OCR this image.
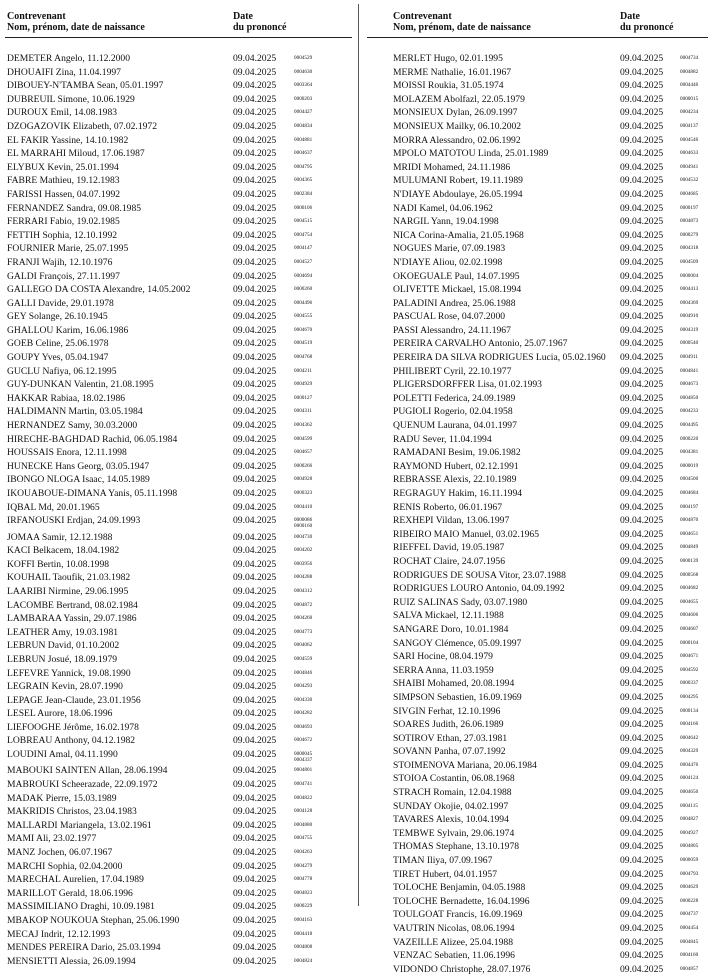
Contrevenant
Nom, prénom, date de naissance
Date
du prononcé
DEMETER Angelo, 11.12.2000	09.04.2025	0004529
DHOUAIFI Zina, 11.04.1997	09.04.2025	0004630
DIBOUEY-N'TAMBA Sean, 05.01.1997	09.04.2025	0003364
DUBREUIL Simone, 10.06.1929	09.04.2025	0000203
DUROUX Emil, 14.08.1983	09.04.2025	0004427
DZOGAZOVIK Elizabeth, 07.02.1972	09.04.2025	0004834
EL FAKIR Yassine, 14.10.1982	09.04.2025	0004881
EL MARRAHI Miloud, 17.06.1987	09.04.2025	0004637
ELYBUX Kevin, 25.01.1994	09.04.2025	0004795
FABRE Mathieu, 19.12.1983	09.04.2025	0004365
FARISSI Hassen, 04.07.1992	09.04.2025	0002384
FERNANDEZ Sandra, 09.08.1985	09.04.2025	0000106
FERRARI Fabio, 19.02.1985	09.04.2025	0004515
FETTIH Sophia, 12.10.1992	09.04.2025	0004754
FOURNIER Marie, 25.07.1995	09.04.2025	0004147
FRANJI Wajih, 12.10.1976	09.04.2025	0004527
GALDI François, 27.11.1997	09.04.2025	0004694
GALLEGO DA COSTA Alexandre, 14.05.2002	09.04.2025	0000260
GALLI Davide, 29.01.1978	09.04.2025	0004496
GEY Solange, 26.10.1945	09.04.2025	0004555
GHALLOU Karim, 16.06.1986	09.04.2025	0004670
GOEB Celine, 25.06.1978	09.04.2025	0004519
GOUPY Yves, 05.04.1947	09.04.2025	0004768
GUCLU Nafiya, 06.12.1995	09.04.2025	0004211
GUY-DUNKAN Valentin, 21.08.1995	09.04.2025	0004929
HAKKAR Rabiaa, 18.02.1986	09.04.2025	0000127
HALDIMANN Martin, 03.05.1984	09.04.2025	0004311
HERNANDEZ Samy, 30.03.2000	09.04.2025	0004362
HIRECHE-BAGHDAD Rachid, 06.05.1984	09.04.2025	0004599
HOUSSAIS Enora, 12.11.1998	09.04.2025	0004657
HUNECKE Hans Georg, 03.05.1947	09.04.2025	0000266
IBONGO NLOGA Isaac, 14.05.1989	09.04.2025	0004928
IKOUABOUE-DIMANA Yanis, 05.11.1998	09.04.2025	0000323
IQBAL Md, 20.01.1965	09.04.2025	0004410
IRFANOUSKI Erdjan, 24.09.1993	09.04.2025	0000086
0000160
JOMAA Samir, 12.12.1988	09.04.2025	0004730
KACI Belkacem, 18.04.1982	09.04.2025	0004202
KOFFI Bertin, 10.08.1998	09.04.2025	0003956
KOUHAIL Taoufik, 21.03.1982	09.04.2025	0004288
LAARIBI Nirmine, 29.06.1995	09.04.2025	0004312
LACOMBE Bertrand, 08.02.1984	09.04.2025	0004872
LAMBARAA Yassin, 29.07.1986	09.04.2025	0004260
LEATHER Amy, 19.03.1981	09.04.2025	0004773
LEBRUN David, 01.10.2002	09.04.2025	0004062
LEBRUN Josué, 18.09.1979	09.04.2025	0004559
LEFEVRE Yannick, 19.08.1990	09.04.2025	0004846
LEGRAIN Kevin, 28.07.1990	09.04.2025	0004293
LEPAGE Jean-Claude, 23.01.1956	09.04.2025	0004330
LESEL Aurore, 18.06.1996	09.04.2025	0004282
LIEFOOGHE Jérôme, 16.02.1978	09.04.2025	0004693
LOBREAU Anthony, 04.12.1982	09.04.2025	0004672
LOUDINI Amal, 04.11.1990	09.04.2025	0000045
0004337
MABOUKI SAINTEN Allan, 28.06.1994	09.04.2025	0004801
MABROUKI Scheerazade, 22.09.1972	09.04.2025	0004741
MADAK Pierre, 15.03.1989	09.04.2025	0004822
MAKRIDIS Christos, 23.04.1983	09.04.2025	0004128
MALLARDI Mariangela, 13.02.1961	09.04.2025	0004880
MAMI Ali, 23.02.1977	09.04.2025	0004755
MANZ Jochen, 06.07.1967	09.04.2025	0004263
MARCHI Sophia, 02.04.2000	09.04.2025	0004279
MARECHAL Aurelien, 17.04.1989	09.04.2025	0004778
MARILLOT Gerald, 18.06.1996	09.04.2025	0004823
MASSIMILIANO Draghi, 10.09.1981	09.04.2025	0000229
MBAKOP NOUKOUA Stephan, 25.06.1990	09.04.2025	0004163
MECAJ Indrit, 12.12.1993	09.04.2025	0004418
MENDES PEREIRA Dario, 25.03.1994	09.04.2025	0004808
MENSIETTI Alessia, 26.09.1994	09.04.2025	0004824
Contrevenant
Nom, prénom, date de naissance
Date
du prononcé
MERLET Hugo, 02.01.1995	09.04.2025	0004734
MERME Nathalie, 16.01.1967	09.04.2025	0004882
MOISSI Roukia, 31.05.1974	09.04.2025	0004446
MOLAZEM Abolfazl, 22.05.1979	09.04.2025	0000015
MONSIEUX Dylan, 26.09.1997	09.04.2025	0004234
MONSIEUX Mailky, 06.10.2002	09.04.2025	0004137
MORRA Alessandro, 02.06.1992	09.04.2025	0004546
MPOLO MATOTOU Linda, 25.01.1989	09.04.2025	0004633
MRIDI Mohamed, 24.11.1986	09.04.2025	0004941
MULUMANI Robert, 19.11.1989	09.04.2025	0004532
N'DIAYE Abdoulaye, 26.05.1994	09.04.2025	0004685
NADI Kamel, 04.06.1962	09.04.2025	0000197
NARGIL Yann, 19.04.1998	09.04.2025	0004873
NICA Corina-Amalia, 21.05.1968	09.04.2025	0000279
NOGUES Marie, 07.09.1983	09.04.2025	0004318
N'DIAYE Aliou, 02.02.1998	09.04.2025	0004509
OKOEGUALE Paul, 14.07.1995	09.04.2025	0000004
OLIVETTE Mickael, 15.08.1994	09.04.2025	0004413
PALADINI Andrea, 25.06.1988	09.04.2025	0004369
PASCUAL Rose, 04.07.2000	09.04.2025	0004910
PASSI Alessandro, 24.11.1967	09.04.2025	0004319
PEREIRA CARVALHO Antonio, 25.07.1967	09.04.2025	0000540
PEREIRA DA SILVA RODRIGUES Lucia, 05.02.1960 09.04.2025	0004911
PHILIBERT Cyril, 22.10.1977	09.04.2025	0004841
PLIGERSDORFFER Lisa, 01.02.1993	09.04.2025	0004673
POLETTI Federica, 24.09.1989	09.04.2025	0004850
PUGIOLI Rogerio, 02.04.1958	09.04.2025	0004233
QUENUM Laurana, 04.01.1997	09.04.2025	0004495
RADU Sever, 11.04.1994	09.04.2025	0000220
RAMADANI Besim, 19.06.1982	09.04.2025	0004381
RAYMOND Hubert, 02.12.1991	09.04.2025	0000019
REBRASSE Alexis, 22.10.1989	09.04.2025	0004500
REGRAGUY Hakim, 16.11.1994	09.04.2025	0004684
RENIS Roberto, 06.01.1967	09.04.2025	0004197
REXHEPI Vildan, 13.06.1997	09.04.2025	0004870
RIBEIRO MAIO Manuel, 03.02.1965	09.04.2025	0004651
RIEFFEL David, 19.05.1987	09.04.2025	0004849
ROCHAT Claire, 24.07.1956	09.04.2025	0000139
RODRIGUES DE SOUSA Vitor, 23.07.1988	09.04.2025	0000568
RODRIGUES LOURO Antonio, 04.09.1992	09.04.2025	0004682
RUIZ SALINAS Sady, 03.07.1980	09.04.2025	0004655
SALVA Mickael, 12.11.1988	09.04.2025	0004606
SANGARE Doro, 10.01.1984	09.04.2025	0004607
SANGOY Clémence, 05.09.1997	09.04.2025	0000104
SARI Hocine, 08.04.1979	09.04.2025	0004671
SERRA Anna, 11.03.1959	09.04.2025	0004592
SHAIBI Mohamed, 20.08.1994	09.04.2025	0000337
SIMPSON Sebastien, 16.09.1969	09.04.2025	0004295
SIVGIN Ferhat, 12.10.1996	09.04.2025	0000134
SOARES Judith, 26.06.1989	09.04.2025	0004166
SOTIROV Ethan, 27.03.1981	09.04.2025	0004642
SOVANN Panha, 07.07.1992	09.04.2025	0004329
STOIMENOVA Mariana, 20.06.1984	09.04.2025	0004476
STOIOA Costantin, 06.08.1968	09.04.2025	0004124
STRACH Romain, 12.04.1988	09.04.2025	0004650
SUNDAY Okojie, 04.02.1997	09.04.2025	0004115
TAVARES Alexis, 10.04.1994	09.04.2025	0004827
TEMBWE Sylvain, 29.06.1974	09.04.2025	0004927
THOMAS Stephane, 13.10.1978	09.04.2025	0004805
TIMAN Iliya, 07.09.1967	09.04.2025	0000059
TIRET Hubert, 04.01.1957	09.04.2025	0004793
TOLOCHE Benjamin, 04.05.1988	09.04.2025	0004629
TOLOCHE Bernadette, 16.04.1996	09.04.2025	0000228
TOULGOAT Francis, 16.09.1969	09.04.2025	0004737
VAUTRIN Nicolas, 08.06.1994	09.04.2025	0004454
VAZEILLE Alizee, 25.04.1988	09.04.2025	0004845
VENZAC Sebatien, 11.06.1996	09.04.2025	0004160
VIDONDO Christophe, 28.07.1976	09.04.2025	0004857
